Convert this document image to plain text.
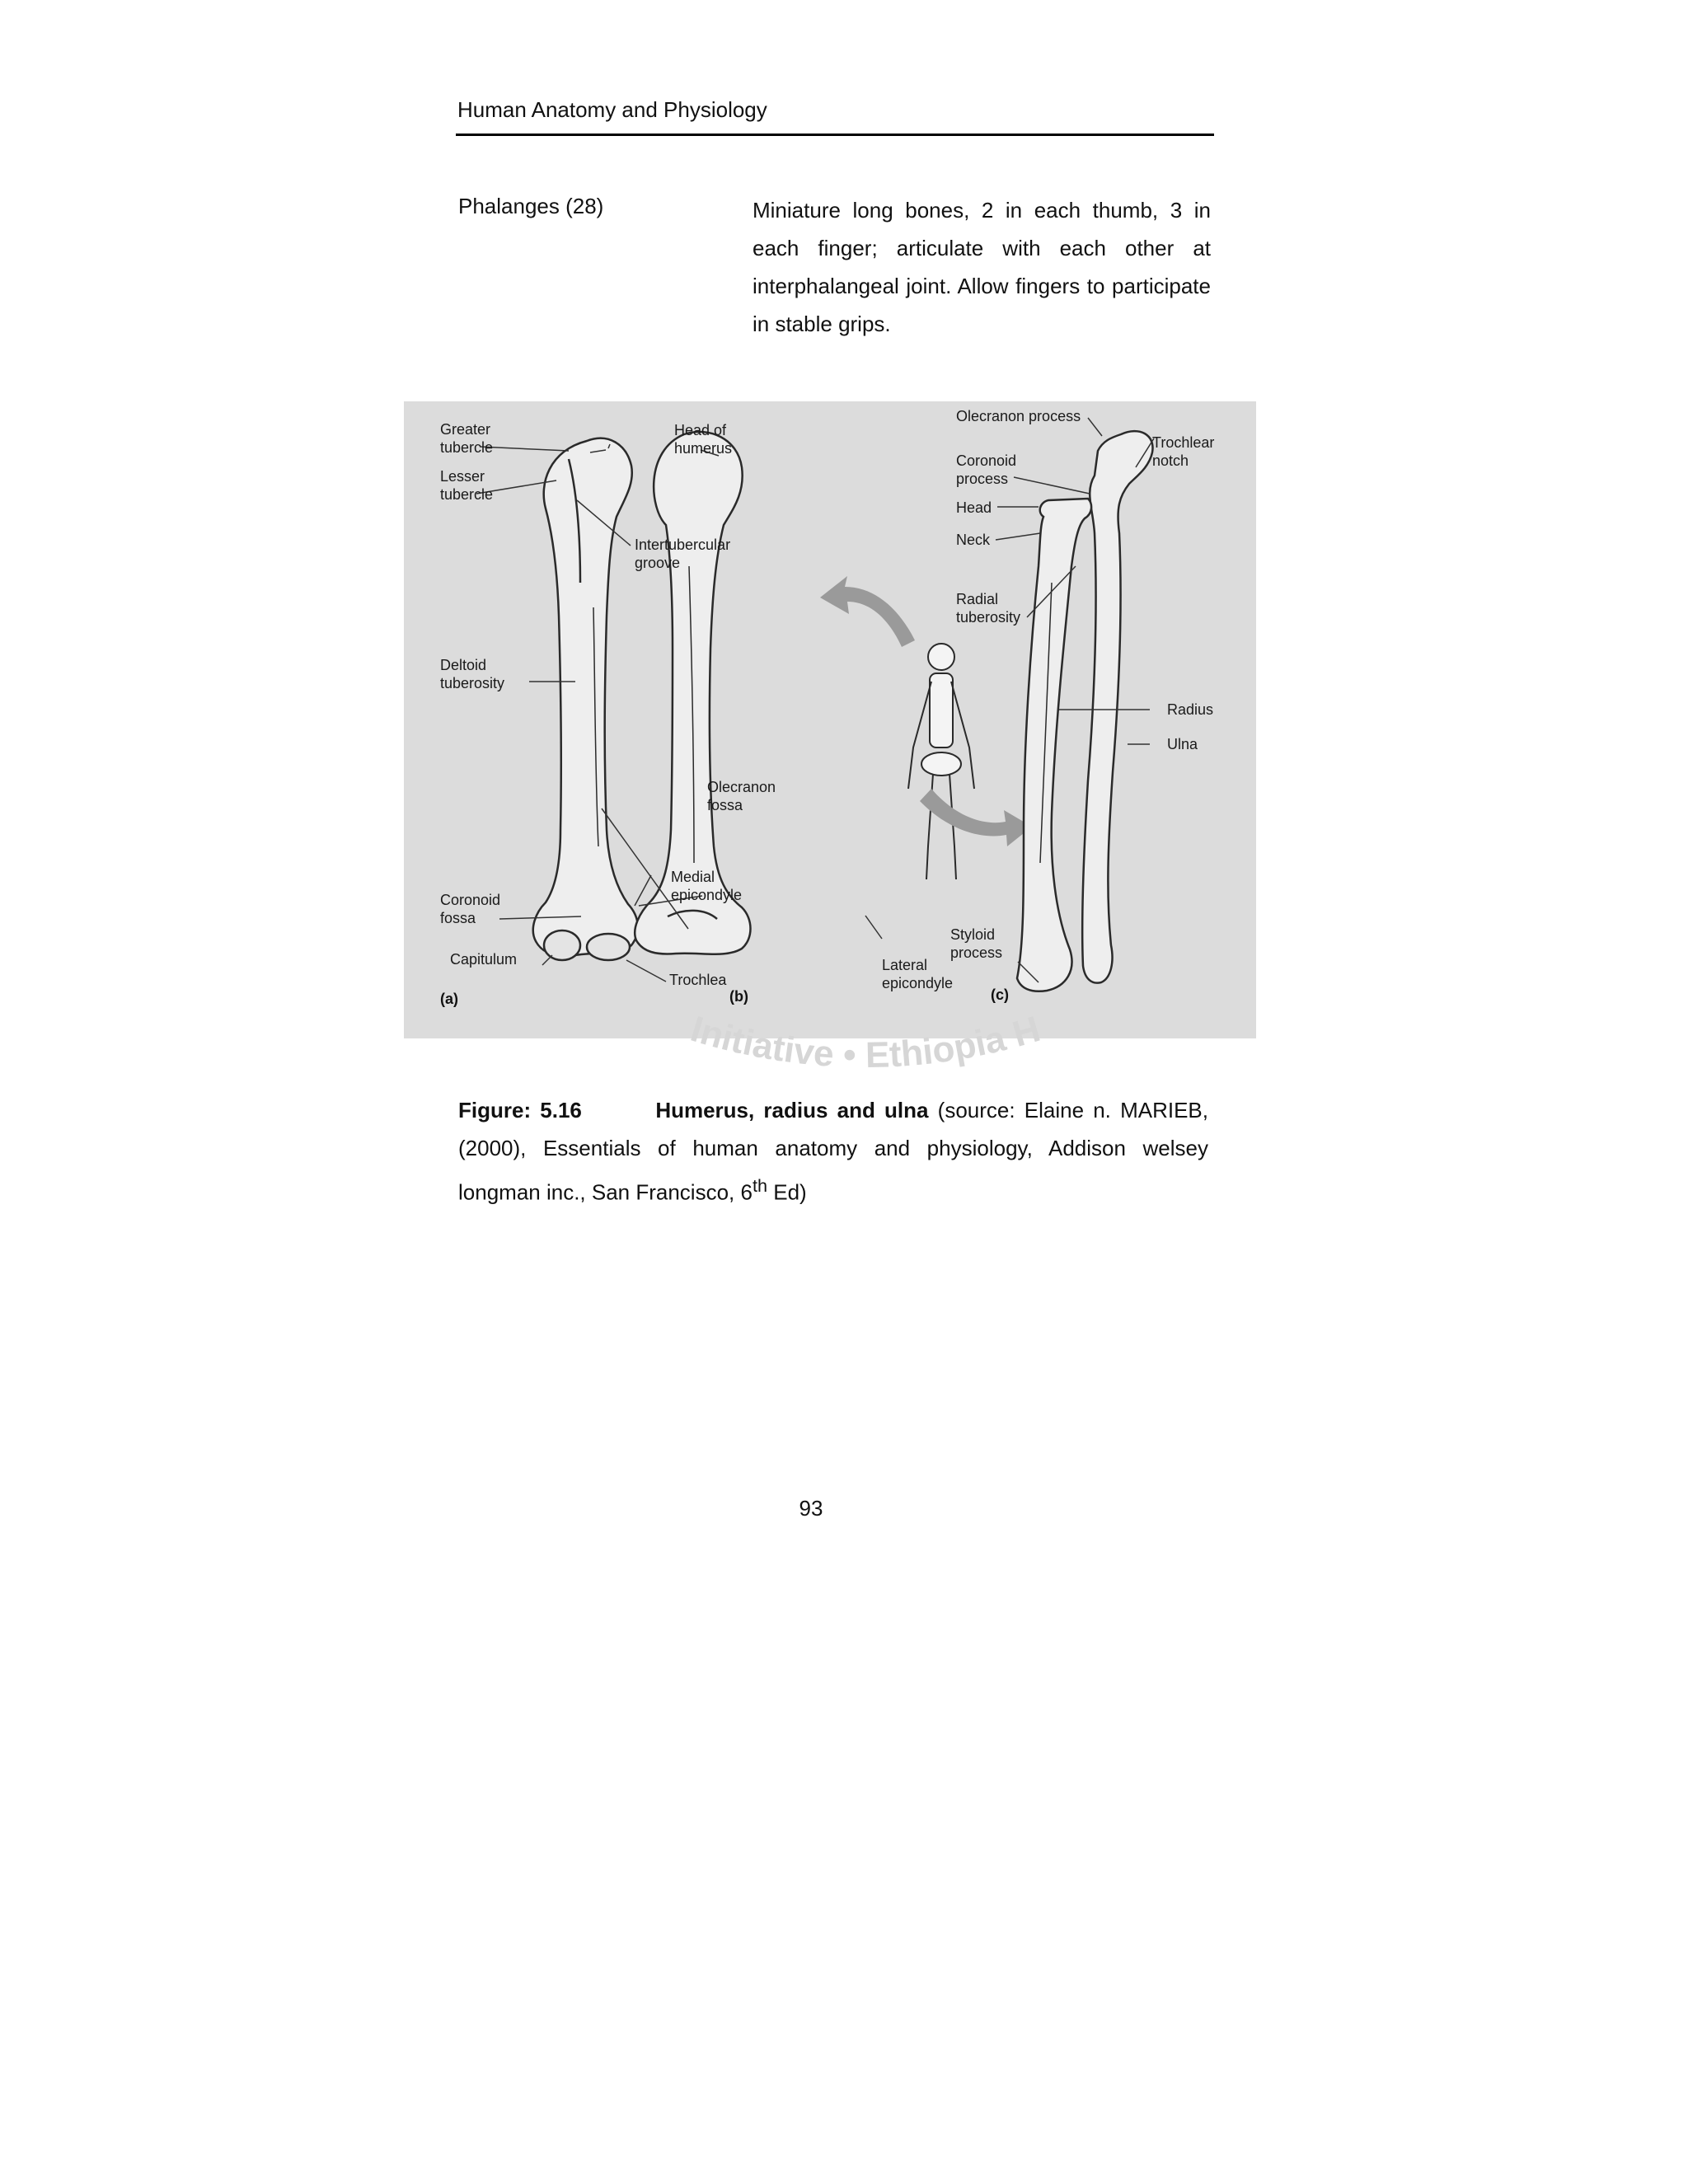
Human Anatomy and Physiology
Phalanges (28)	Miniature long bones, 2 in each thumb, 3 in each finger; articulate with each other at interphalangeal joint. Allow fingers to participate in stable grips.

Greater tubercle
Lesser tubercle
Head of humerus
Intertubercular groove
Deltoid tuberosity
Coronoid fossa
Capitulum
Medial epicondyle
Trochlea
Olecranon fossa
Lateral epicondyle
Olecranon process
Trochlear notch
Coronoid process
Head
Neck
Radial tuberosity
Radius
Ulna
Styloid process
(a)	(b)	(c)
Initiative • Ethiopia H

Figure: 5.16	Humerus, radius and ulna (source: Elaine n. MARIEB, (2000), Essentials of human anatomy and physiology, Addison welsey longman inc., San Francisco, 6th Ed)

93
